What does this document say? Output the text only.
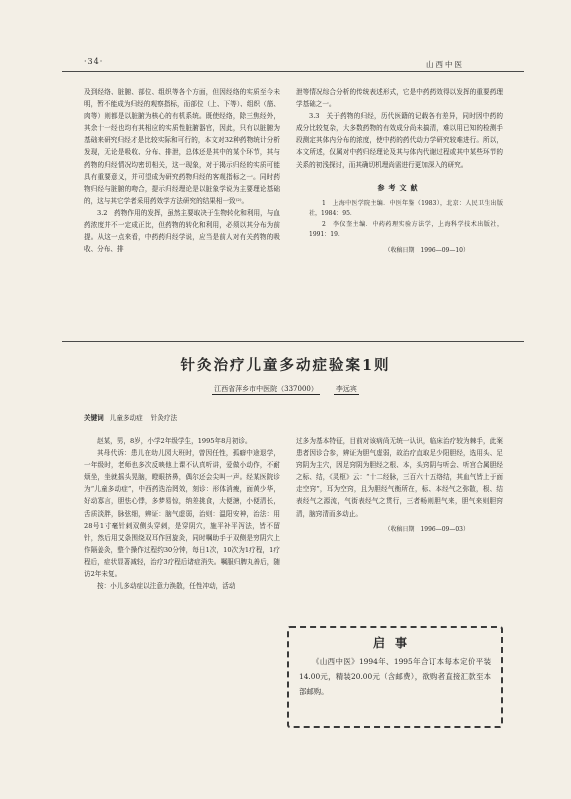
·34·	山西中医

及到经络、脏腑、部位、组织等各个方面，但因经络的实质至今未明，暂不能成为归经的观察指标，而部位（上、下等）、组织（筋、肉等）则都是以脏腑为核心的有机系统。既使经络，除三焦经外，其余十一经也均有其相应的实质性脏腑器官，因此，只有以脏腑为基础来研究归经才是比较实际和可行的，本文对32种药物统计分析发现，无论是吸收、分布、排泄，总体还是其中的某个环节，其与药物的归经情况均密切相关，这一现象，对于揭示归经的实质可能具有重要意义，并可望成为研究药物归经的客观指标之一。同时药物归经与脏腑的吻合，提示归经理论是以脏象学说为主要理论基础的，这与其它学者采用药效学方法研究的结果相一致⁽²⁾。

3.2　药物作用的发挥，虽然主要取决于生物转化和利用，与血药浓度并不一定成正比，但药物的转化和利用，必须以其分布为前提。从这一点来看，中药药归经学说，应当是前人对有关药物的吸收、分布、排

泄等情况综合分析的传统表述形式，它是中药药效得以发挥的重要药理学基础之一。

3.3　关于药物的归经，历代医籍的记载各有差异，同时因中药的成分比较复杂，大多数药物的有效成分尚未搞清，难以用已知的检测手段测定其体内分布的浓度，使中药的药代动力学研究较难进行。所以，本文所述，仅属对中药归经理论及其与体内代谢过程或其中某些环节的关系的初浅探讨，而其确切机理尚需进行更加深入的研究。

参考文献

1　上海中医学院主编．中医年鉴（1983），北京：人民卫生出版社，1984：95．

2　李仪奎主编．中药药理实验方法学，上海科学技术出版社，1991：19．

（收稿日期　1996—09—10）
针灸治疗儿童多动症验案1则
江西省萍乡市中医院（337000）	李远宾
关键词 儿童多动症 针灸疗法

赵某，男，8岁，小学2年级学生，1995年8月初诊。

其母代诉：患儿在幼儿园大班时，曾因任性，孤癖中途退学，一年级时，老师也多次反映他上课不认真听讲，爱做小动作，不耐烦坐，坐就摇头晃脑，瞪眼挤鼻，偶尔还会尖叫一声。经某医院诊为“儿童多动症”，中西药迭治罔效，刻诊：形体消瘦，面黄少华，好动寡言，胆怯心悸，多梦易惊，纳差挑食，大便溏，小便清长，舌质淡胖，脉弦细，辨证：脑气虚弱，治则：温阳安神，治法：用28号1寸毫针刺双侧头穿刺，是穿阴穴，施平补平泻法，皆不留针，然后用艾条围绕双耳作回旋灸，同时嘱助手于双侧是穷阴穴上作隔姜灸，整个操作过程约30分钟，每日1次，10次为1疗程，1疗程后，症状显著减轻，治疗3疗程后诸症消失。嘱服归脾丸善后，随访2年未复。

按：小儿多动症以注意力涣散，任性冲动，活动

过多为基本特征，目前对该病尚无统一认识，临床治疗较为棘手，此案患者因诊合参，辨证为胆气虚弱，故治疗直取足少阳胆经，选用头、足窍阴为主穴，因足窍阴为胆经之根、本，头窍阴与听会、听宫合属胆经之标、结，《灵枢》云：“十二经脉，三百六十五络结，其血气皆上于面走空窍”，耳为空窍，且为胆经气衡所在，标、本经气之弥散，根、结表经气之源流，气街表经气之贯行，三者畅则胆气来，胆气来则胆窍清，脑窍清而多动止。

（收稿日期　1996—09—03）
启事

《山西中医》1994年、1995年合订本每本定价平装14.00元，精装20.00元（含邮费），欲购者直接汇款至本部邮购。
